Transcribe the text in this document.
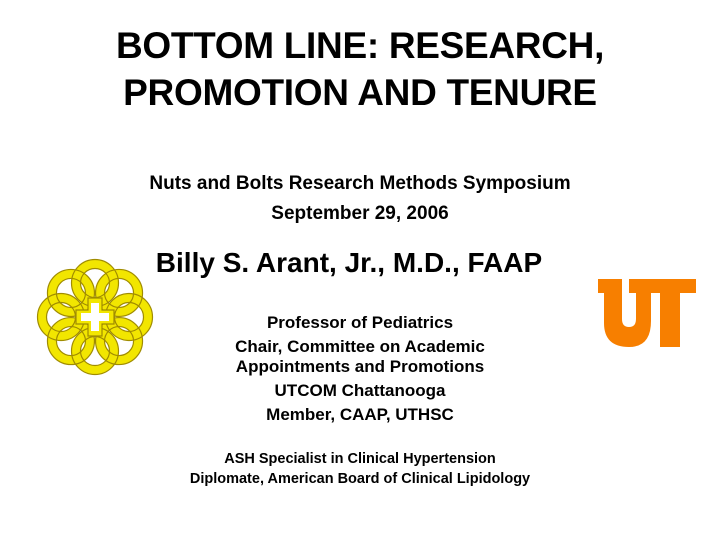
BOTTOM LINE: RESEARCH,
PROMOTION AND TENURE
Nuts and Bolts Research Methods Symposium
September 29, 2006
Billy S. Arant, Jr., M.D., FAAP
Professor of Pediatrics
Chair, Committee on Academic
Appointments and Promotions
UTCOM Chattanooga
Member, CAAP, UTHSC
ASH Specialist in Clinical Hypertension
Diplomate, American Board of Clinical Lipidology
